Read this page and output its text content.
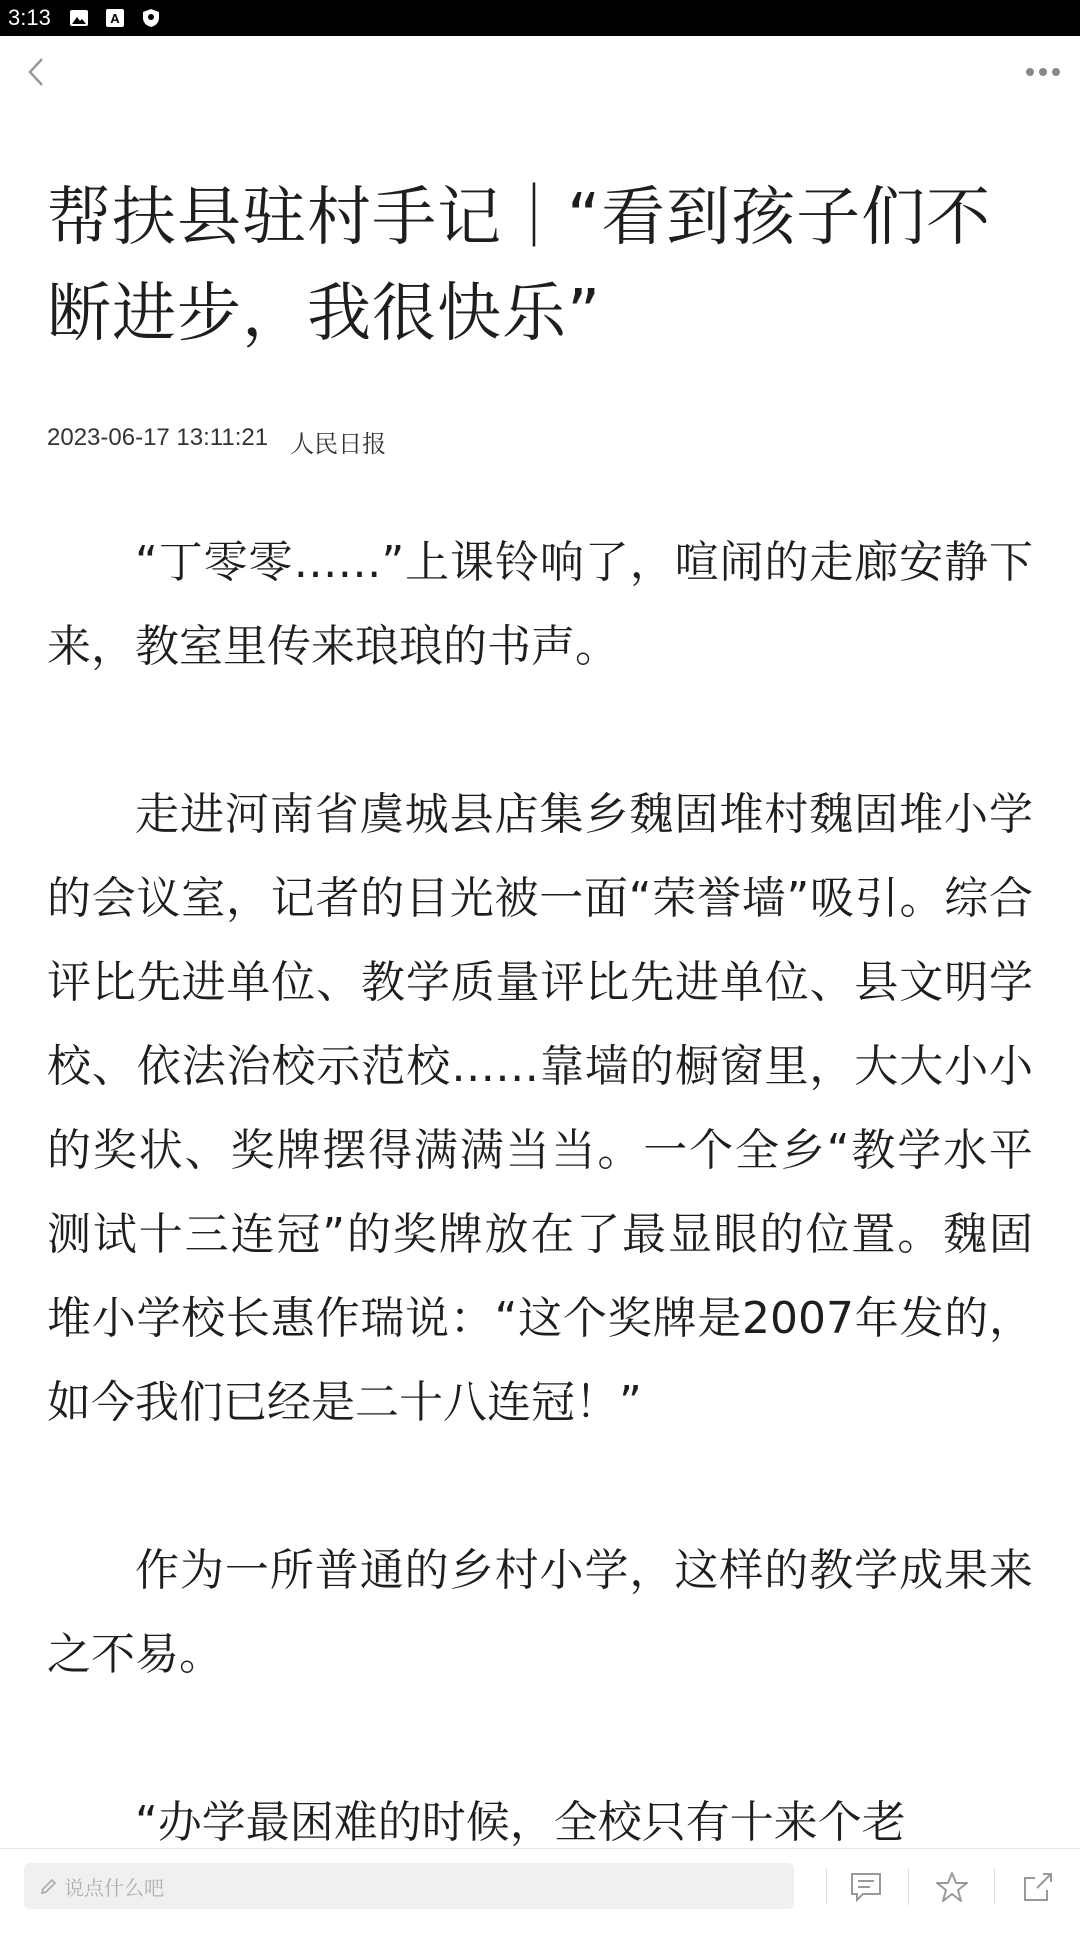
3:13	A
帮扶县驻村手记｜“看到孩子们不断进步，我很快乐”
2023-06-17 13:11:21 人民日报

“丁零零……”上课铃响了，喧闹的走廊安静下来，教室里传来琅琅的书声。

走进河南省虞城县店集乡魏固堆村魏固堆小学的会议室，记者的目光被一面“荣誉墙”吸引。综合评比先进单位、教学质量评比先进单位、县文明学校、依法治校示范校……靠墙的橱窗里，大大小小的奖状、奖牌摆得满满当当。一个全乡“教学水平测试十三连冠”的奖牌放在了最显眼的位置。魏固堆小学校长惠作瑞说：“这个奖牌是2007年发的，如今我们已经是二十八连冠！”

作为一所普通的乡村小学，这样的教学成果来之不易。

“办学最困难的时候，全校只有十来个老

说点什么吧
